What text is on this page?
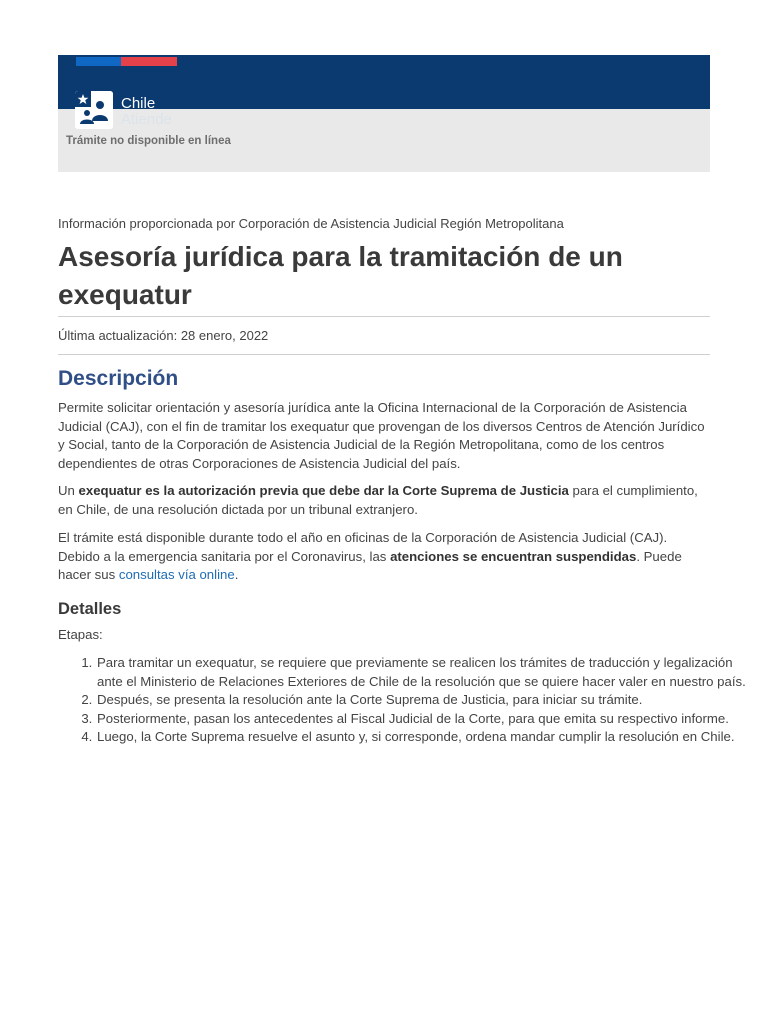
Chile
Atiende
Trámite no disponible en línea
Información proporcionada por Corporación de Asistencia Judicial Región Metropolitana
Asesoría jurídica para la tramitación de un exequatur
Última actualización: 28 enero, 2022
Descripción

Permite solicitar orientación y asesoría jurídica ante la Oficina Internacional de la Corporación de Asistencia Judicial (CAJ), con el fin de tramitar los exequatur que provengan de los diversos Centros de Atención Jurídico y Social, tanto de la Corporación de Asistencia Judicial de la Región Metropolitana, como de los centros dependientes de otras Corporaciones de Asistencia Judicial del país.

Un exequatur es la autorización previa que debe dar la Corte Suprema de Justicia para el cumplimiento, en Chile, de una resolución dictada por un tribunal extranjero.

El trámite está disponible durante todo el año en oficinas de la Corporación de Asistencia Judicial (CAJ). Debido a la emergencia sanitaria por el Coronavirus, las atenciones se encuentran suspendidas. Puede hacer sus consultas vía online.

Detalles

Etapas:

1. Para tramitar un exequatur, se requiere que previamente se realicen los trámites de traducción y legalización ante el Ministerio de Relaciones Exteriores de Chile de la resolución que se quiere hacer valer en nuestro país.
2. Después, se presenta la resolución ante la Corte Suprema de Justicia, para iniciar su trámite.
3. Posteriormente, pasan los antecedentes al Fiscal Judicial de la Corte, para que emita su respectivo informe.
4. Luego, la Corte Suprema resuelve el asunto y, si corresponde, ordena mandar cumplir la resolución en Chile.
